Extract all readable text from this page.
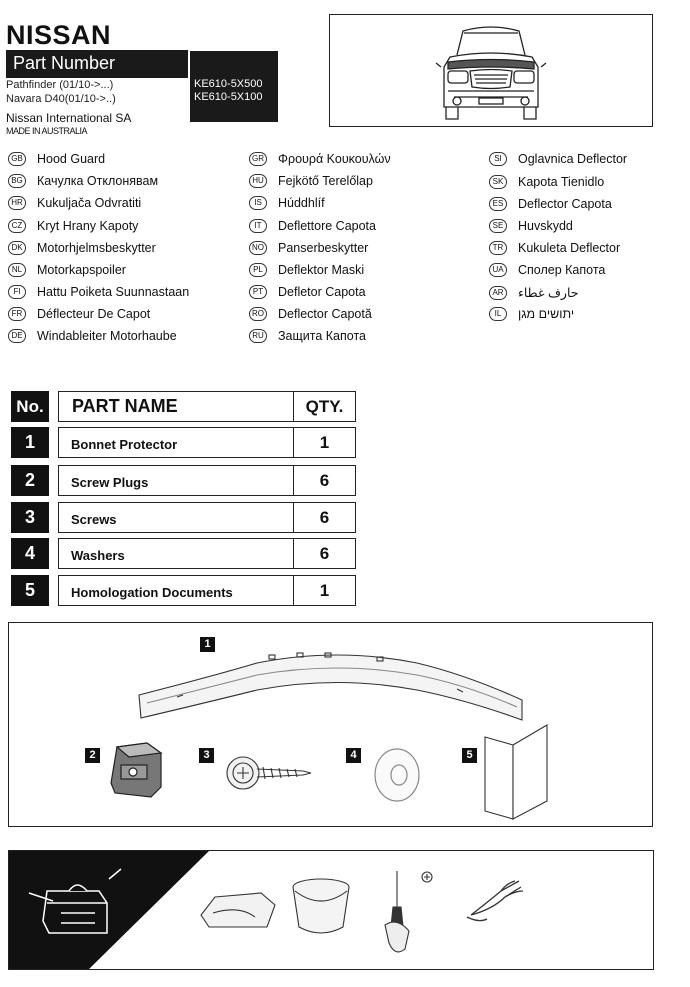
NISSAN
Part Number
KE610-5X500
KE610-5X100
Pathfinder (01/10->...)
Navara D40(01/10->..)
Nissan International SA
MADE IN AUSTRALIA
GB Hood Guard
BG Качулка Отклонявам
HR Kukuljača Odvratiti
CZ Kryt Hrany Kapoty
DK Motorhjelmsbeskytter
NL Motorkapspoiler
FI Hattu Poiketa Suunnastaan
FR Déflecteur De Capot
DE Windableiter Motorhaube
GR Φρουρά Κουκουλών
HU Fejkötő Terelőlap
IS Húddhlíf
IT Deflettore Capota
NO Panserbeskytter
PL Deflektor Maski
PT Defletor Capota
RO Deflector Capotă
RU Защита Капота
SI Oglavnica Deflector
SK Kapota Tienidlo
ES Deflector Capota
SE Huvskydd
TR Kukuleta Deflector
UA Сполер Капота
AR حارف غطاء
IL יתושים מגן
No.	PART NAME	QTY.
1	Bonnet Protector	1
2	Screw Plugs	6
3	Screws	6
4	Washers	6
5	Homologation Documents	1
1
2	3	4	5
